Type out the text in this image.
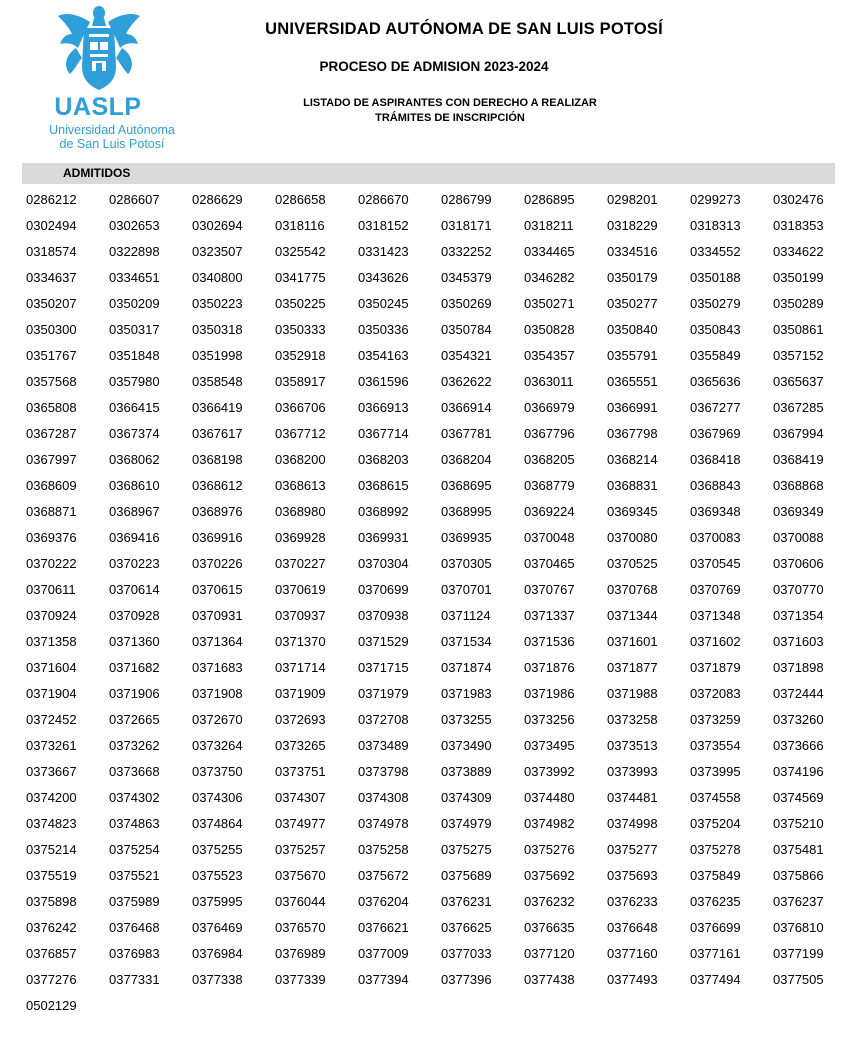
UASLP
Universidad Autónoma
de San Luis Potosí
UNIVERSIDAD AUTÓNOMA DE SAN LUIS POTOSÍ
PROCESO DE ADMISION 2023-2024
LISTADO DE ASPIRANTES CON DERECHO A REALIZAR
TRÁMITES DE INSCRIPCIÓN
ADMITIDOS
0286212	0286607	0286629	0286658	0286670	0286799	0286895	0298201	0299273	0302476
0302494	0302653	0302694	0318116	0318152	0318171	0318211	0318229	0318313	0318353
0318574	0322898	0323507	0325542	0331423	0332252	0334465	0334516	0334552	0334622
0334637	0334651	0340800	0341775	0343626	0345379	0346282	0350179	0350188	0350199
0350207	0350209	0350223	0350225	0350245	0350269	0350271	0350277	0350279	0350289
0350300	0350317	0350318	0350333	0350336	0350784	0350828	0350840	0350843	0350861
0351767	0351848	0351998	0352918	0354163	0354321	0354357	0355791	0355849	0357152
0357568	0357980	0358548	0358917	0361596	0362622	0363011	0365551	0365636	0365637
0365808	0366415	0366419	0366706	0366913	0366914	0366979	0366991	0367277	0367285
0367287	0367374	0367617	0367712	0367714	0367781	0367796	0367798	0367969	0367994
0367997	0368062	0368198	0368200	0368203	0368204	0368205	0368214	0368418	0368419
0368609	0368610	0368612	0368613	0368615	0368695	0368779	0368831	0368843	0368868
0368871	0368967	0368976	0368980	0368992	0368995	0369224	0369345	0369348	0369349
0369376	0369416	0369916	0369928	0369931	0369935	0370048	0370080	0370083	0370088
0370222	0370223	0370226	0370227	0370304	0370305	0370465	0370525	0370545	0370606
0370611	0370614	0370615	0370619	0370699	0370701	0370767	0370768	0370769	0370770
0370924	0370928	0370931	0370937	0370938	0371124	0371337	0371344	0371348	0371354
0371358	0371360	0371364	0371370	0371529	0371534	0371536	0371601	0371602	0371603
0371604	0371682	0371683	0371714	0371715	0371874	0371876	0371877	0371879	0371898
0371904	0371906	0371908	0371909	0371979	0371983	0371986	0371988	0372083	0372444
0372452	0372665	0372670	0372693	0372708	0373255	0373256	0373258	0373259	0373260
0373261	0373262	0373264	0373265	0373489	0373490	0373495	0373513	0373554	0373666
0373667	0373668	0373750	0373751	0373798	0373889	0373992	0373993	0373995	0374196
0374200	0374302	0374306	0374307	0374308	0374309	0374480	0374481	0374558	0374569
0374823	0374863	0374864	0374977	0374978	0374979	0374982	0374998	0375204	0375210
0375214	0375254	0375255	0375257	0375258	0375275	0375276	0375277	0375278	0375481
0375519	0375521	0375523	0375670	0375672	0375689	0375692	0375693	0375849	0375866
0375898	0375989	0375995	0376044	0376204	0376231	0376232	0376233	0376235	0376237
0376242	0376468	0376469	0376570	0376621	0376625	0376635	0376648	0376699	0376810
0376857	0376983	0376984	0376989	0377009	0377033	0377120	0377160	0377161	0377199
0377276	0377331	0377338	0377339	0377394	0377396	0377438	0377493	0377494	0377505
0502129
